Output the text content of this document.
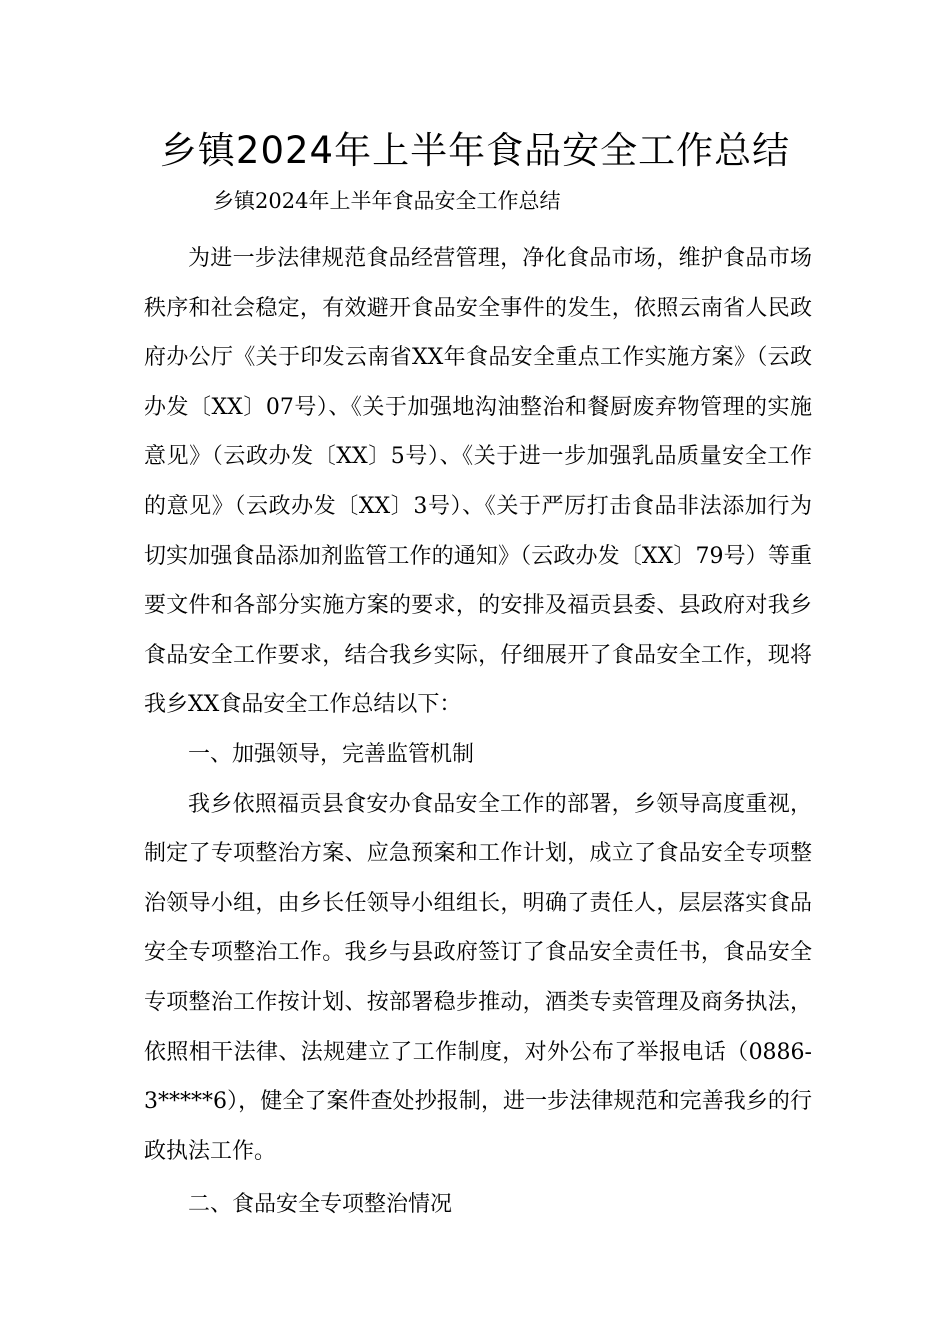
乡镇2024年上半年食品安全工作总结
乡镇2024年上半年食品安全工作总结

为进一步法律规范食品经营管理，净化食品市场，维护食品市场秩序和社会稳定，有效避开食品安全事件的发生，依照云南省人民政府办公厅《关于印发云南省XX年食品安全重点工作实施方案》（云政办发〔XX〕07号）、《关于加强地沟油整治和餐厨废弃物管理的实施意见》（云政办发〔XX〕5号）、《关于进一步加强乳品质量安全工作的意见》（云政办发〔XX〕3号）、《关于严厉打击食品非法添加行为切实加强食品添加剂监管工作的通知》（云政办发〔XX〕79号）等重要文件和各部分实施方案的要求，的安排及福贡县委、县政府对我乡食品安全工作要求，结合我乡实际，仔细展开了食品安全工作，现将我乡XX食品安全工作总结以下：

一、加强领导，完善监管机制

我乡依照福贡县食安办食品安全工作的部署，乡领导高度重视，制定了专项整治方案、应急预案和工作计划，成立了食品安全专项整治领导小组，由乡长任领导小组组长，明确了责任人，层层落实食品安全专项整治工作。我乡与县政府签订了食品安全责任书，食品安全专项整治工作按计划、按部署稳步推动，酒类专卖管理及商务执法，依照相干法律、法规建立了工作制度，对外公布了举报电话（0886-3*****6），健全了案件查处抄报制，进一步法律规范和完善我乡的行政执法工作。

二、食品安全专项整治情况
